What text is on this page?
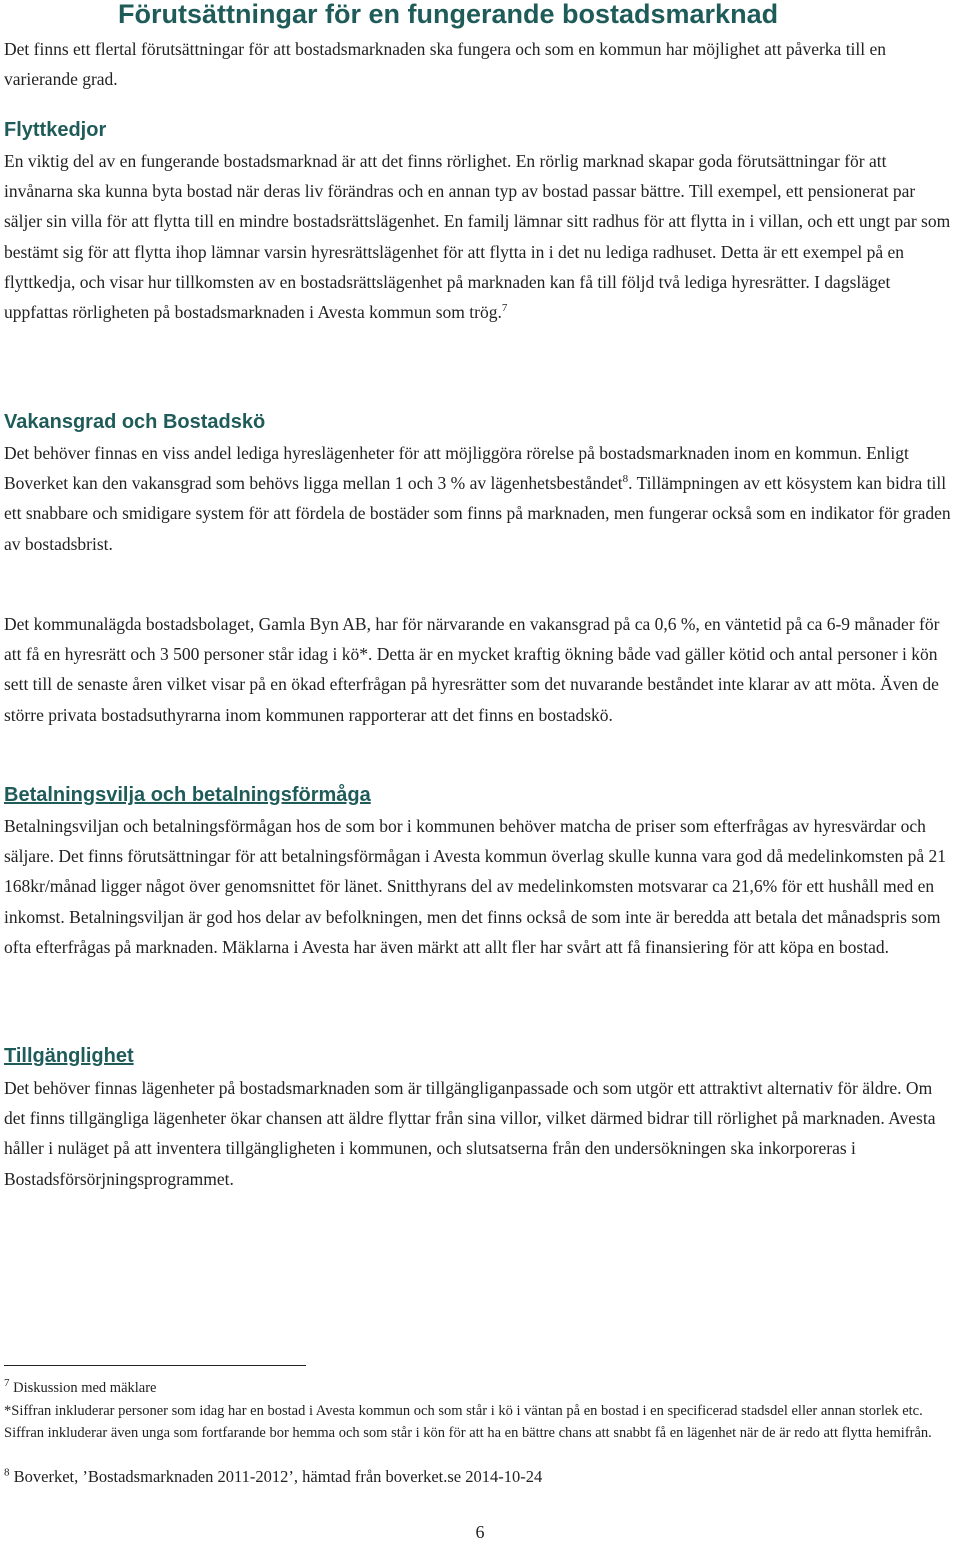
Förutsättningar för en fungerande bostadsmarknad

Det finns ett flertal förutsättningar för att bostadsmarknaden ska fungera och som en kommun har möjlighet att påverka till en varierande grad.

Flyttkedjor

En viktig del av en fungerande bostadsmarknad är att det finns rörlighet. En rörlig marknad skapar goda förutsättningar för att invånarna ska kunna byta bostad när deras liv förändras och en annan typ av bostad passar bättre. Till exempel, ett pensionerat par säljer sin villa för att flytta till en mindre bostadsrättslägenhet. En familj lämnar sitt radhus för att flytta in i villan, och ett ungt par som bestämt sig för att flytta ihop lämnar varsin hyresrättslägenhet för att flytta in i det nu lediga radhuset. Detta är ett exempel på en flyttkedja, och visar hur tillkomsten av en bostadsrättslägenhet på marknaden kan få till följd två lediga hyresrätter. I dagsläget uppfattas rörligheten på bostadsmarknaden i Avesta kommun som trög.$^7$

Vakansgrad och Bostadskö

Det behöver finnas en viss andel lediga hyreslägenheter för att möjliggöra rörelse på bostadsmarknaden inom en kommun. Enligt Boverket kan den vakansgrad som behövs ligga mellan 1 och 3 % av lägenhetsbeståndet$^8$. Tillämpningen av ett kösystem kan bidra till ett snabbare och smidigare system för att fördela de bostäder som finns på marknaden, men fungerar också som en indikator för graden av bostadsbrist.

Det kommunalägda bostadsbolaget, Gamla Byn AB, har för närvarande en vakansgrad på ca 0,6 %, en väntetid på ca 6-9 månader för att få en hyresrätt och 3 500 personer står idag i kö*. Detta är en mycket kraftig ökning både vad gäller kötid och antal personer i kön sett till de senaste åren vilket visar på en ökad efterfrågan på hyresrätter som det nuvarande beståndet inte klarar av att möta. Även de större privata bostadsuthyrarna inom kommunen rapporterar att det finns en bostadskö.

Betalningsvilja och betalningsförmåga

Betalningsviljan och betalningsförmågan hos de som bor i kommunen behöver matcha de priser som efterfrågas av hyresvärdar och säljare. Det finns förutsättningar för att betalningsförmågan i Avesta kommun överlag skulle kunna vara god då medelinkomsten på 21 168kr/månad ligger något över genomsnittet för länet. Snitthyrans del av medelinkomsten motsvarar ca 21,6% för ett hushåll med en inkomst. Betalningsviljan är god hos delar av befolkningen, men det finns också de som inte är beredda att betala det månadspris som ofta efterfrågas på marknaden. Mäklarna i Avesta har även märkt att allt fler har svårt att få finansiering för att köpa en bostad.

Tillgänglighet

Det behöver finnas lägenheter på bostadsmarknaden som är tillgängliganpassade och som utgör ett attraktivt alternativ för äldre. Om det finns tillgängliga lägenheter ökar chansen att äldre flyttar från sina villor, vilket därmed bidrar till rörlighet på marknaden. Avesta håller i nuläget på att inventera tillgängligheten i kommunen, och slutsatserna från den undersökningen ska inkorporeras i Bostadsförsörjningsprogrammet.

$^7$ Diskussion med mäklare

*Siffran inkluderar personer som idag har en bostad i Avesta kommun och som står i kö i väntan på en bostad i en specificerad stadsdel eller annan storlek etc. Siffran inkluderar även unga som fortfarande bor hemma och som står i kön för att ha en bättre chans att snabbt få en lägenhet när de är redo att flytta hemifrån.

$^8$ Boverket, ’Bostadsmarknaden 2011-2012’, hämtad från boverket.se 2014-10-24

6
